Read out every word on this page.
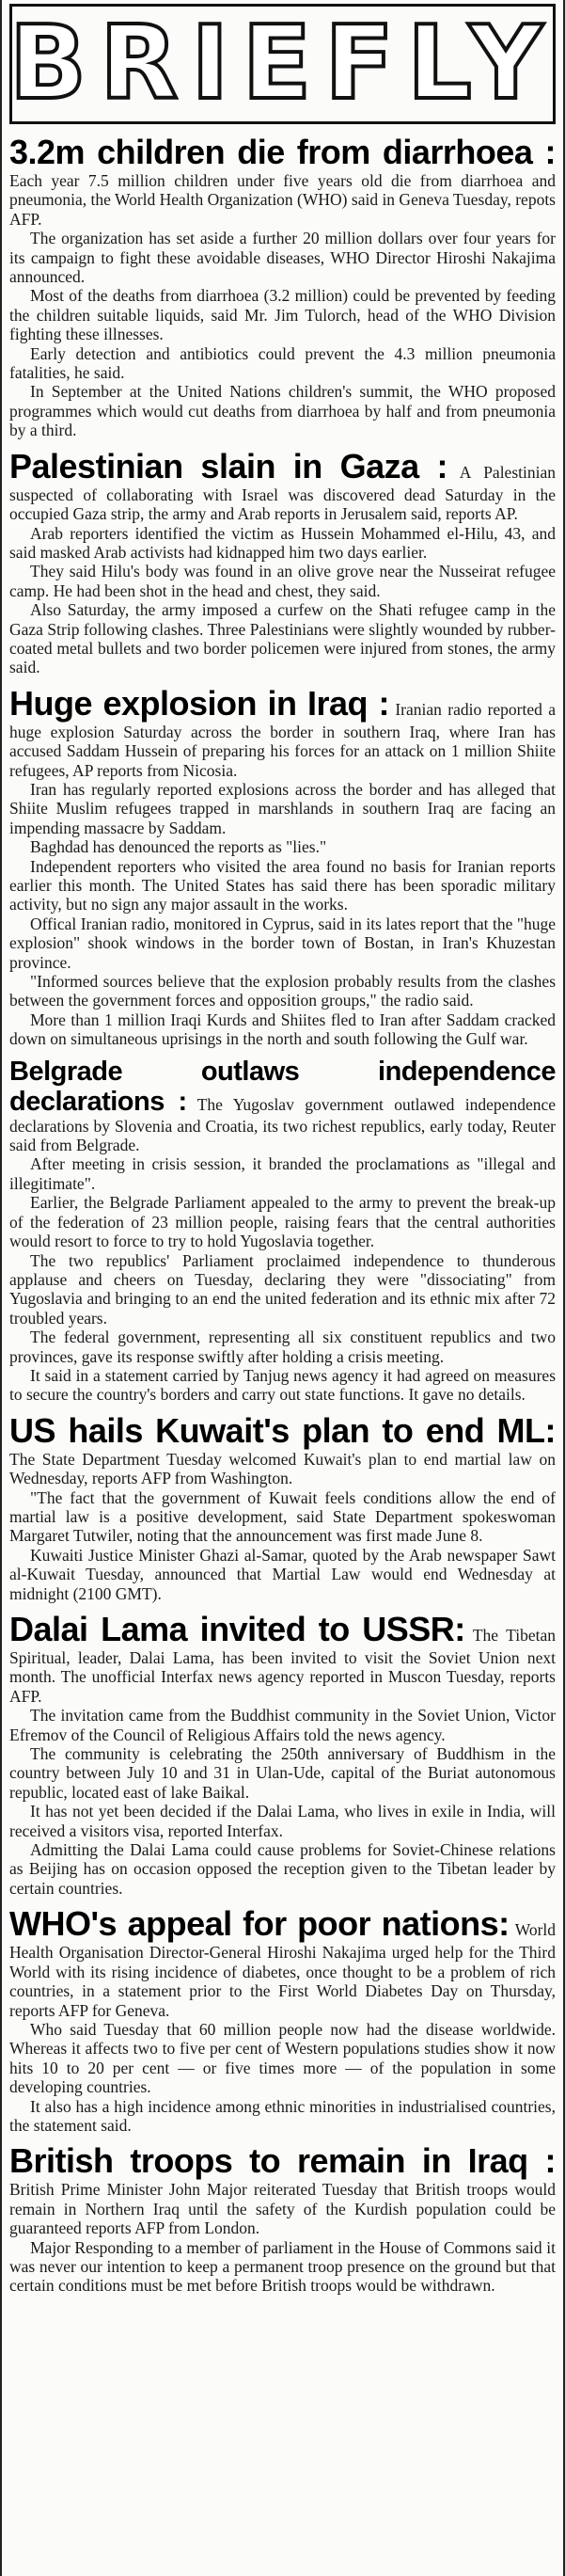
BRIEFLY

3.2m children die from diarrhoea : Each year 7.5 million children under five years old die from diarrhoea and pneumonia, the World Health Organization (WHO) said in Geneva Tuesday, repots AFP.

The organization has set aside a further 20 million dollars over four years for its campaign to fight these avoidable diseases, WHO Director Hiroshi Nakajima announced.

Most of the deaths from diarrhoea (3.2 million) could be prevented by feeding the children suitable liquids, said Mr. Jim Tulorch, head of the WHO Division fighting these illnesses.

Early detection and antibiotics could prevent the 4.3 million pneumonia fatalities, he said.

In September at the United Nations children's summit, the WHO proposed programmes which would cut deaths from diarrhoea by half and from pneumonia by a third.

Palestinian slain in Gaza : A Palestinian suspected of collaborating with Israel was discovered dead Saturday in the occupied Gaza strip, the army and Arab reports in Jerusalem said, reports AP.

Arab reporters identified the victim as Hussein Mohammed el-Hilu, 43, and said masked Arab activists had kidnapped him two days earlier.

They said Hilu's body was found in an olive grove near the Nusseirat refugee camp. He had been shot in the head and chest, they said.

Also Saturday, the army imposed a curfew on the Shati refugee camp in the Gaza Strip following clashes. Three Palestinians were slightly wounded by rubber-coated metal bullets and two border policemen were injured from stones, the army said.

Huge explosion in Iraq : Iranian radio reported a huge explosion Saturday across the border in southern Iraq, where Iran has accused Saddam Hussein of preparing his forces for an attack on 1 million Shiite refugees, AP reports from Nicosia.

Iran has regularly reported explosions across the border and has alleged that Shiite Muslim refugees trapped in marshlands in southern Iraq are facing an impending massacre by Saddam.

Baghdad has denounced the reports as "lies."

Independent reporters who visited the area found no basis for Iranian reports earlier this month. The United States has said there has been sporadic military activity, but no sign any major assault in the works.

Offical Iranian radio, monitored in Cyprus, said in its lates report that the "huge explosion" shook windows in the border town of Bostan, in Iran's Khuzestan province.

"Informed sources believe that the explosion probably results from the clashes between the government forces and opposition groups," the radio said.

More than 1 million Iraqi Kurds and Shiites fled to Iran after Saddam cracked down on simultaneous uprisings in the north and south following the Gulf war.

Belgrade outlaws independence declarations : The Yugoslav government outlawed independence declarations by Slovenia and Croatia, its two richest republics, early today, Reuter said from Belgrade.

After meeting in crisis session, it branded the proclamations as "illegal and illegitimate".

Earlier, the Belgrade Parliament appealed to the army to prevent the break-up of the federation of 23 million people, raising fears that the central authorities would resort to force to try to hold Yugoslavia together.

The two republics' Parliament proclaimed independence to thunderous applause and cheers on Tuesday, declaring they were "dissociating" from Yugoslavia and bringing to an end the united federation and its ethnic mix after 72 troubled years.

The federal government, representing all six constituent republics and two provinces, gave its response swiftly after holding a crisis meeting.

It said in a statement carried by Tanjug news agency it had agreed on measures to secure the country's borders and carry out state functions. It gave no details.

US hails Kuwait's plan to end ML: The State Department Tuesday welcomed Kuwait's plan to end martial law on Wednesday, reports AFP from Washington.

"The fact that the government of Kuwait feels conditions allow the end of martial law is a positive development, said State Department spokeswoman Margaret Tutwiler, noting that the announcement was first made June 8.

Kuwaiti Justice Minister Ghazi al-Samar, quoted by the Arab newspaper Sawt al-Kuwait Tuesday, announced that Martial Law would end Wednesday at midnight (2100 GMT).

Dalai Lama invited to USSR: The Tibetan Spiritual, leader, Dalai Lama, has been invited to visit the Soviet Union next month. The unofficial Interfax news agency reported in Muscon Tuesday, reports AFP.

The invitation came from the Buddhist community in the Soviet Union, Victor Efremov of the Council of Religious Affairs told the news agency.

The community is celebrating the 250th anniversary of Buddhism in the country between July 10 and 31 in Ulan-Ude, capital of the Buriat autonomous republic, located east of lake Baikal.

It has not yet been decided if the Dalai Lama, who lives in exile in India, will received a visitors visa, reported Interfax.

Admitting the Dalai Lama could cause problems for Soviet-Chinese relations as Beijing has on occasion opposed the reception given to the Tibetan leader by certain countries.

WHO's appeal for poor nations: World Health Organisation Director-General Hiroshi Nakajima urged help for the Third World with its rising incidence of diabetes, once thought to be a problem of rich countries, in a statement prior to the First World Diabetes Day on Thursday, reports AFP for Geneva.

Who said Tuesday that 60 million people now had the disease worldwide. Whereas it affects two to five per cent of Western populations studies show it now hits 10 to 20 per cent — or five times more — of the population in some developing countries.

It also has a high incidence among ethnic minorities in industrialised countries, the statement said.

British troops to remain in Iraq : British Prime Minister John Major reiterated Tuesday that British troops would remain in Northern Iraq until the safety of the Kurdish population could be guaranteed reports AFP from London.

Major Responding to a member of parliament in the House of Commons said it was never our intention to keep a permanent troop presence on the ground but that certain conditions must be met before British troops would be withdrawn.
